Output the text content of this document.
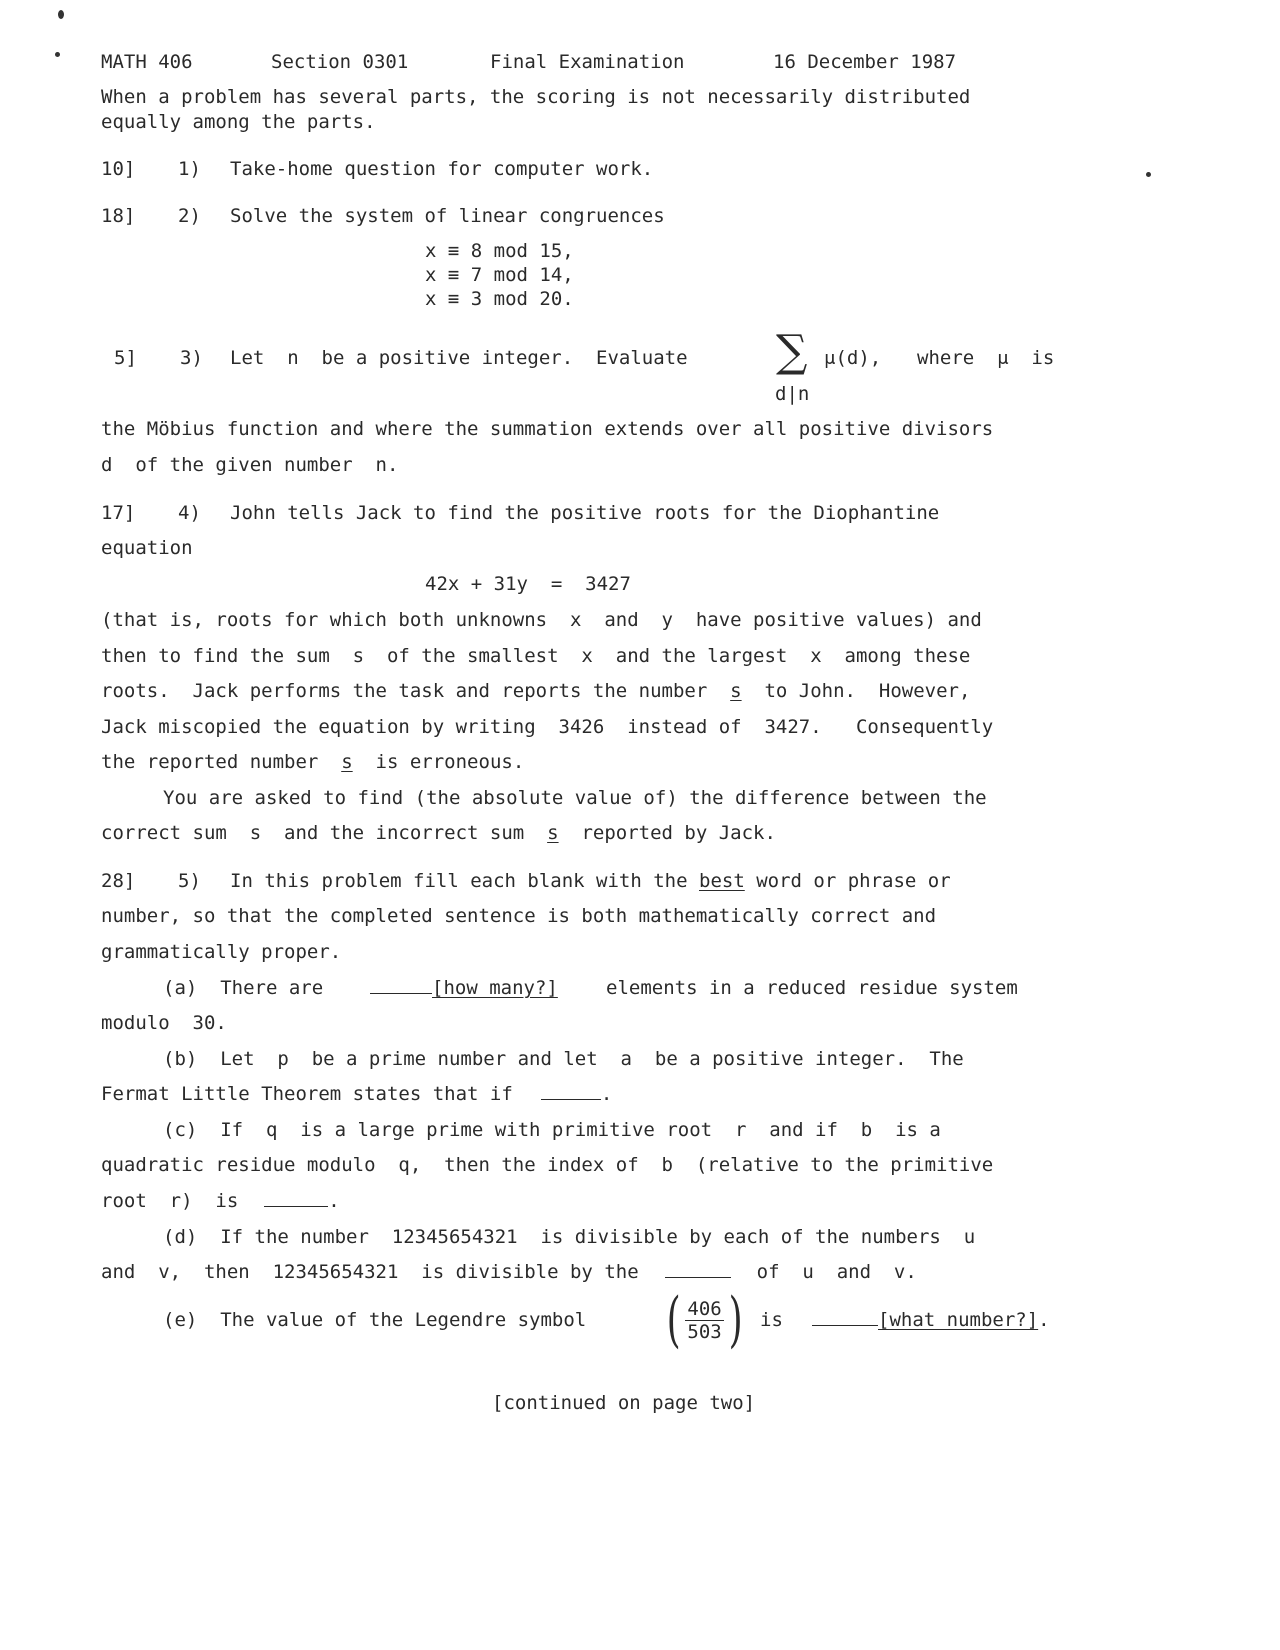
MATH 406	Section 0301	Final Examination	16 December 1987
When a problem has several parts, the scoring is not necessarily distributed
equally among the parts.
10] 1) Take-home question for computer work.
18] 2) Solve the system of linear congruences
x ≡ 8 mod 15,
x ≡ 7 mod 14,
x ≡ 3 mod 20.
5] 3) Let  n  be a positive integer.  Evaluate ∑
d|n
μ(d), where  μ  is
the Möbius function and where the summation extends over all positive divisors
d  of the given number  n.
17] 4) John tells Jack to find the positive roots for the Diophantine
equation
42x + 31y  =  3427
(that is, roots for which both unknowns  x  and  y  have positive values) and
then to find the sum  s  of the smallest  x  and the largest  x  among these
roots.  Jack performs the task and reports the number  s  to John.  However,
Jack miscopied the equation by writing  3426  instead of  3427.   Consequently
the reported number  s  is erroneous.
You are asked to find (the absolute value of) the difference between the
correct sum  s  and the incorrect sum  s  reported by Jack.
28] 5) In this problem fill each blank with the best word or phrase or
number, so that the completed sentence is both mathematically correct and
grammatically proper.
(a)  There are	[how many?]	elements in a reduced residue system
modulo  30.
(b)  Let  p  be a prime number and let  a  be a positive integer.  The
Fermat Little Theorem states that if	.
(c)  If  q  is a large prime with primitive root  r  and if  b  is a
quadratic residue modulo  q,  then the index of  b  (relative to the primitive
root  r)  is	.
(d)  If the number  12345654321  is divisible by each of the numbers  u
and  v,  then  12345654321  is divisible by the	of  u  and  v.
(e)  The value of the Legendre symbol ( $\frac{406}{503}$ ) is	[what number?].
[continued on page two]
